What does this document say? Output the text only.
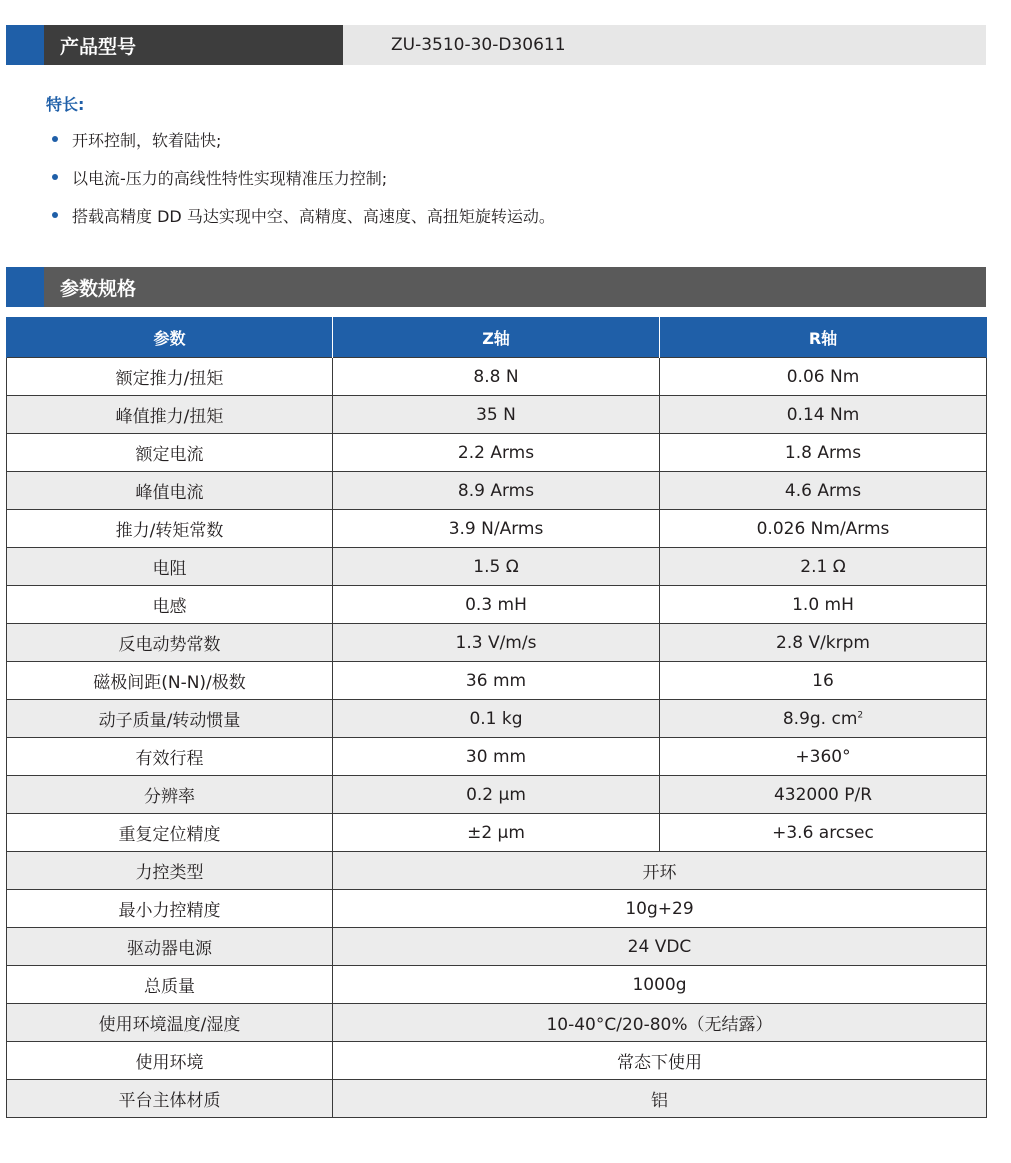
产品型号	ZU-3510-30-D30611
特长:
开环控制，软着陆快;
以电流-压力的高线性特性实现精准压力控制;
搭载高精度 DD 马达实现中空、高精度、高速度、高扭矩旋转运动。
参数规格
参数	Z轴	R轴
额定推力/扭矩	8.8 N	0.06 Nm
峰值推力/扭矩	35 N	0.14 Nm
额定电流	2.2 Arms	1.8 Arms
峰值电流	8.9 Arms	4.6 Arms
推力/转矩常数	3.9 N/Arms	0.026 Nm/Arms
电阻	1.5 Ω	2.1 Ω
电感	0.3 mH	1.0 mH
反电动势常数	1.3 V/m/s	2.8 V/krpm
磁极间距(N-N)/极数	36 mm	16
动子质量/转动惯量	0.1 kg	8.9g. $cm^2$
有效行程	30 mm	+360°
分辨率	0.2 μm	432000 P/R
重复定位精度	±2 μm	+3.6 arcsec
力控类型	开环	
最小力控精度	10g+29	
驱动器电源	24 VDC	
总质量	1000g	
使用环境温度/湿度	10-40°C/20-80%（无结露）	
使用环境	常态下使用	
平台主体材质	铝	
